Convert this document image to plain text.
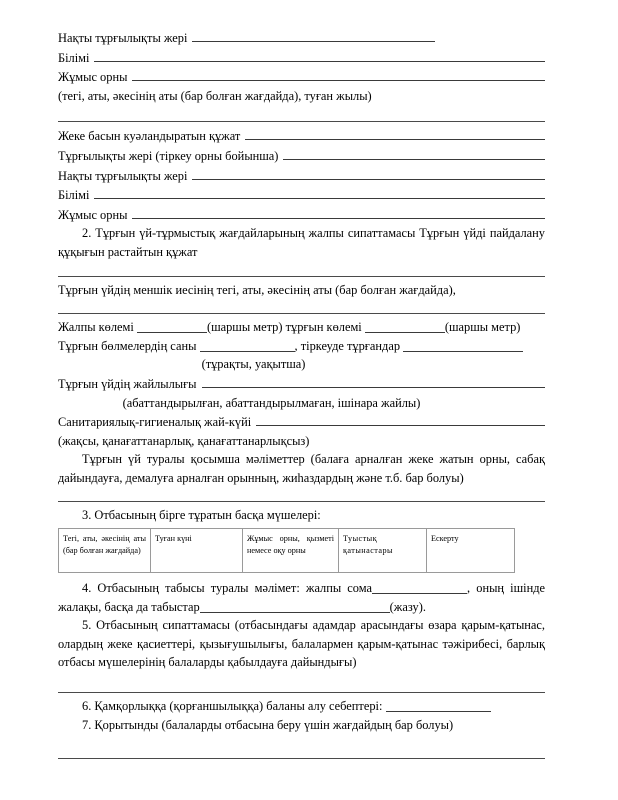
Нақты тұрғылықты жері
Білімі
Жұмыс орны
(тегі, аты, әкесінің аты (бар болған жағдайда), туған жылы)
Жеке басын куәландыратын құжат
Тұрғылықты жері (тіркеу орны бойынша)
Нақты тұрғылықты жері
Білімі
Жұмыс орны

2. Тұрғын үй-тұрмыстық жағдайларының жалпы сипаттамасы Тұрғын үйді пайдалану құқығын растайтын құжат

Тұрғын үйдің меншік иесінің тегі, аты, әкесінің аты (бар болған жағдайда),
Жалпы көлемі	(шаршы метр) тұрғын көлемі	(шаршы метр)
Тұрғын бөлмелердің саны	, тіркеуде тұрғандар
(тұрақты, уақытша)
Тұрғын үйдің жайлылығы
(абаттандырылған, абаттандырылмаған, ішінара жайлы)
Санитариялық-гигиеналық жай-күйі
(жақсы, қанағаттанарлық, қанағаттанарлықсыз)

Тұрғын үй туралы қосымша мәліметтер (балаға арналған жеке жатын орны, сабақ дайындауға, демалуға арналған орынның, жиһаздардың және т.б. бар болуы)

3. Отбасының бірге тұратын басқа мүшелері:

Тегі, аты, әкесінің аты (бар болған жағдайда)	Туған күні	Жұмыс орны, қызметі немесе оқу орны	Туыстық қатынастары	Ескерту

4. Отбасының табысы туралы мәлімет: жалпы сома	, оның ішінде жалақы, басқа да табыстар	(жазу).

5. Отбасының сипаттамасы (отбасындағы адамдар арасындағы өзара қарым-қатынас, олардың жеке қасиеттері, қызығушылығы, балалармен қарым-қатынас тәжірибесі, барлық отбасы мүшелерінің балаларды қабылдауға дайындығы)

6. Қамқорлыққа (қорғаншылыққа) баланы алу себептері:

7. Қорытынды (балаларды отбасына беру үшін жағдайдың бар болуы)
